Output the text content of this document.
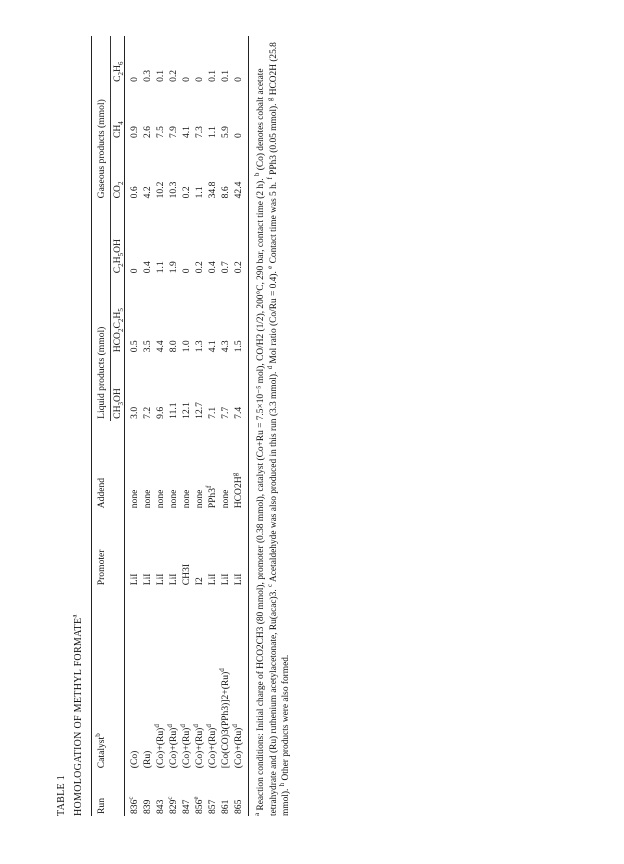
TABLE 1 HOMOLOGATION OF METHYL FORMATE$^a$
Run	Catalyst$^b$	Promoter	Addend	Liquid products (mmol)			Gaseous products (mmol)		
				$CH_3OH$	$HCO_2C_2H_5$	$C_2H_5OH$	$CO_2$	$CH_4$	$C_2H_6$
836$^c$	(Co)	LiI	none	3.0	0.5	0	0.6	0.9	0
839	(Ru)	LiI	none	7.2	3.5	0.4	4.2	2.6	0.3
843	$(Co)+(Ru)^d$	LiI	none	9.6	4.4	1.1	10.2	7.5	0.1
829$^c$	$(Co)+(Ru)^d$	LiI	none	11.1	8.0	1.9	10.3	7.9	0.2
847	$(Co)+(Ru)^d$	CH3I	none	12.1	1.0	0	0.2	4.1	0
856e	$(Co)+(Ru)^d$	I2	none	12.7	1.3	0.2	1.1	7.3	0
857	$(Co)+(Ru)^d$	LiI	PPh3$^f$	7.1	4.1	0.4	34.8	1.1	0.1
861	$[Co(CO)3(PPh3)]2+(Ru)^d$	LiI	none	7.7	4.3	0.7	8.6	5.9	0.1
865	$(Co)+(Ru)^d$	LiI	$HCO2H^g$	7.4	1.5	0.2	42.4	0	0
$^a$ Reaction conditions: Initial charge of HCO2CH3 (80 mmol), promoter (0.38 mmol), catalyst (Co+Ru = 7.5×10⁻⁵ mol), CO/H2 (1/2), 200°C, 290 bar, contact time (2 h). $^b$ (Co) denotes cobalt acetate tetrahydrate and (Ru) ruthenium acetylacetonate, Ru(acac)3. $^c$ Acetaldehyde was also produced in this run (3.3 mmol). $^d$ Mol ratio (Co/Ru = 0.4). $^e$ Contact time was 5 h. $^f$ PPh3 (0.05 mmol). $^g$ HCO2H (25.8 mmol). $^h$ Other products were also formed.
